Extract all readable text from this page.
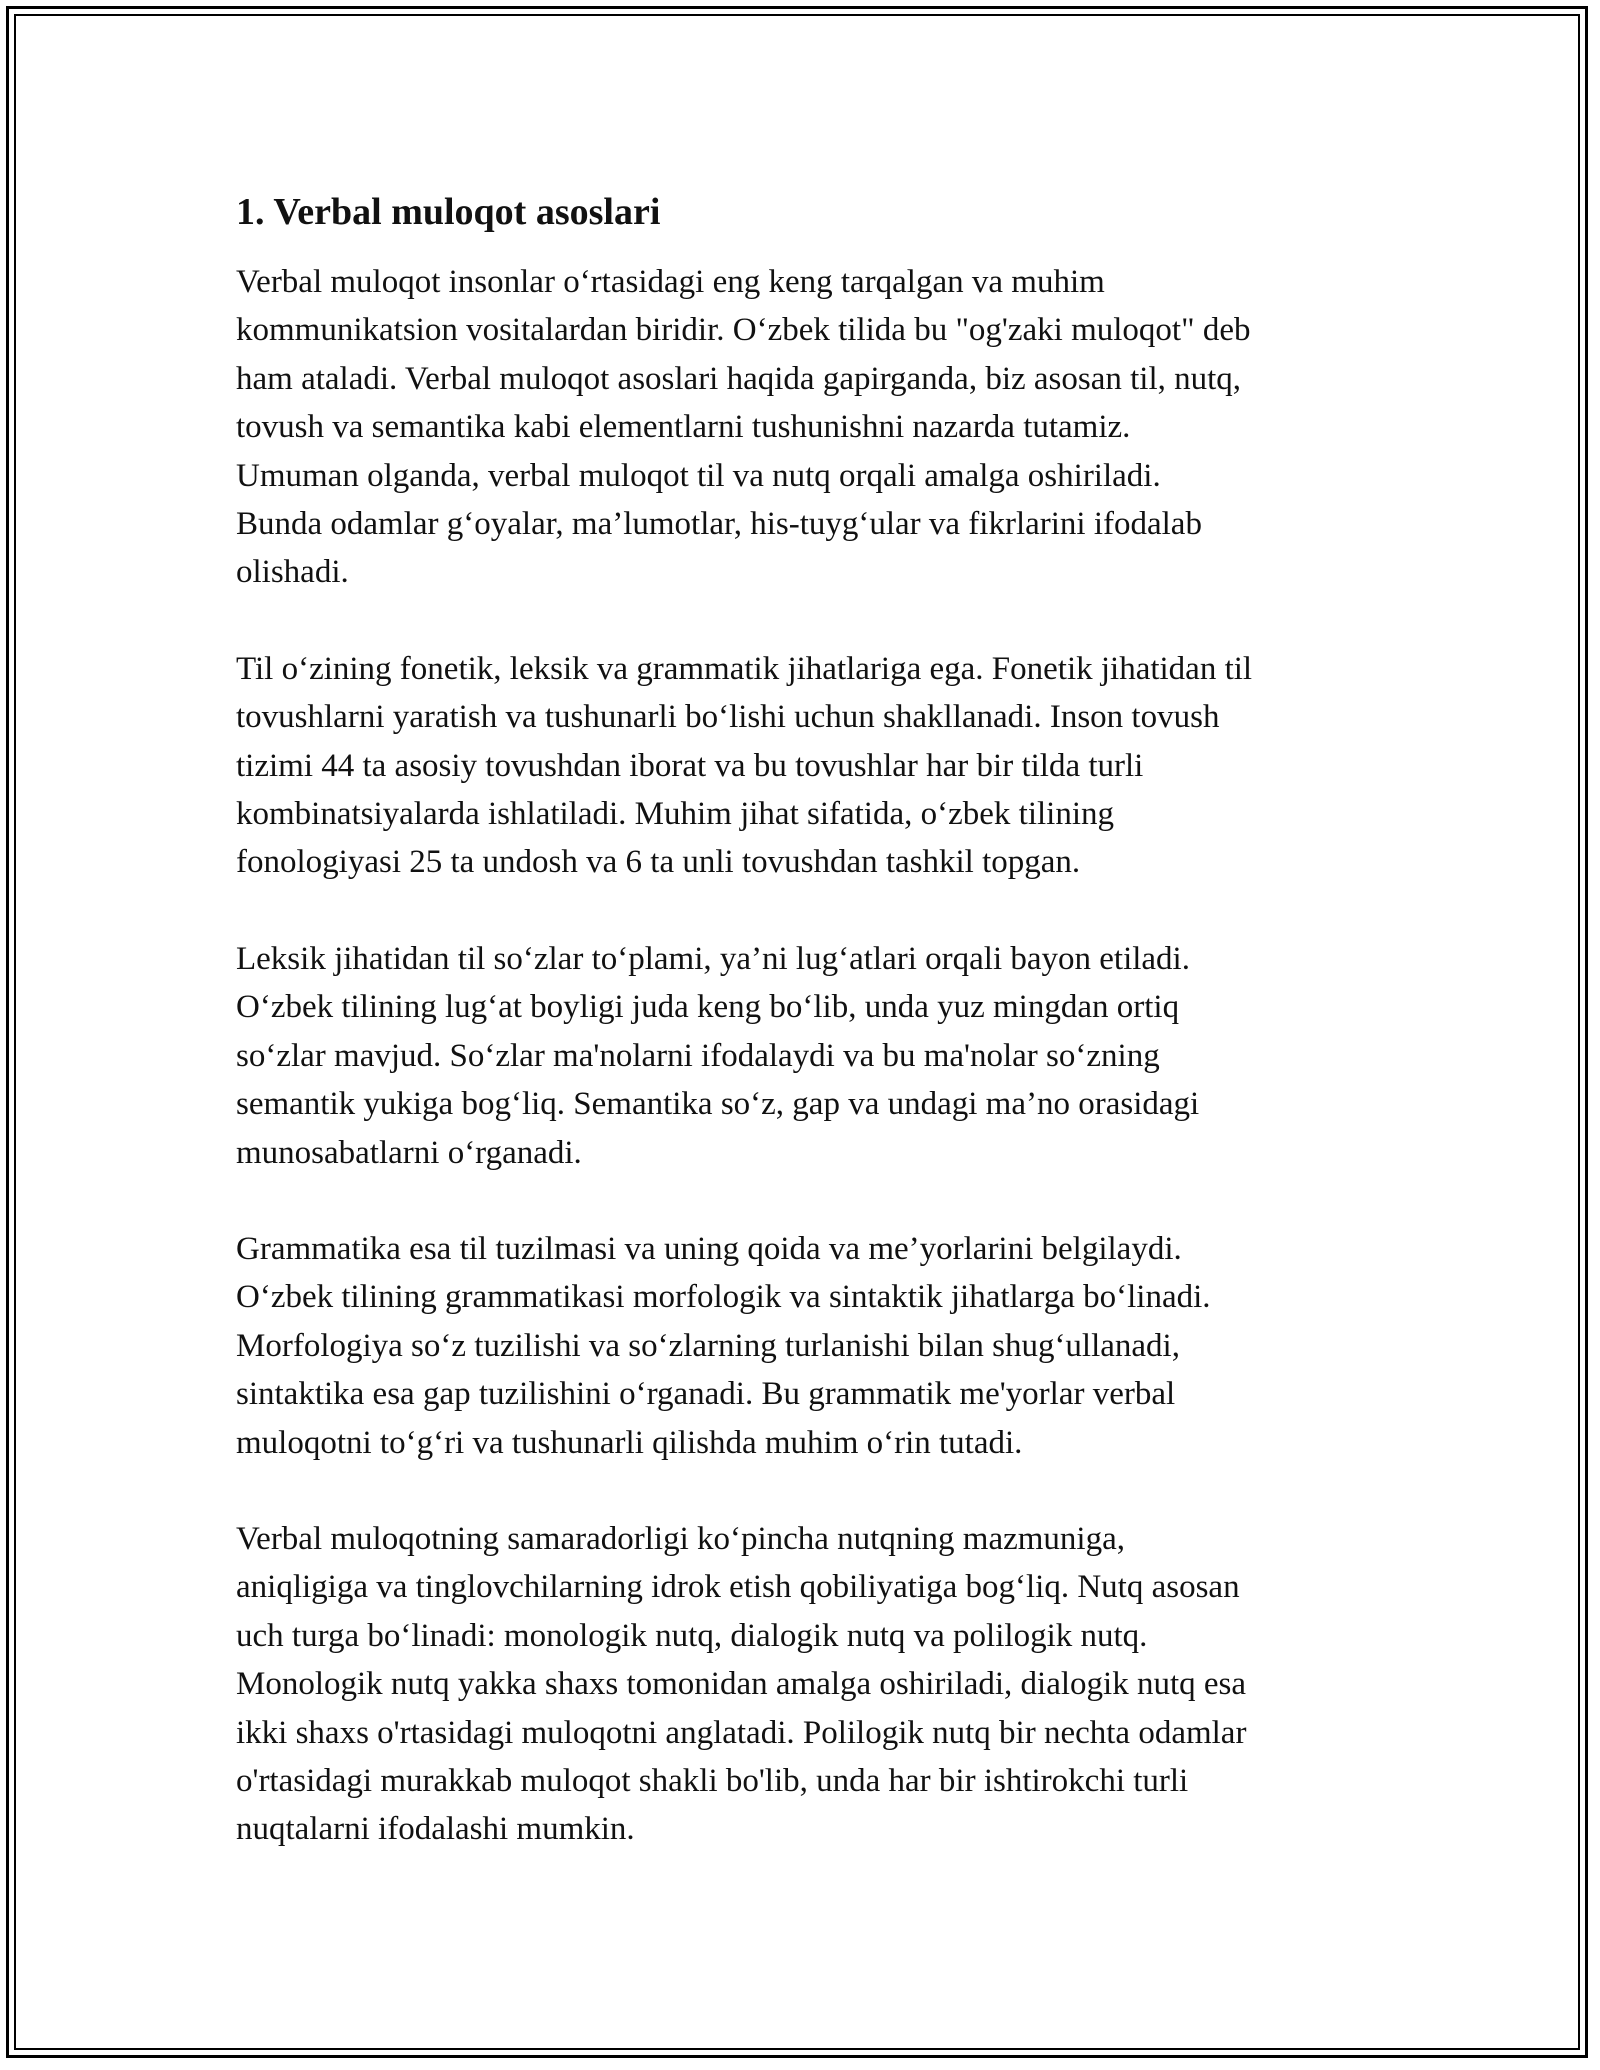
1. Verbal muloqot asoslari

Verbal muloqot insonlar o‘rtasidagi eng keng tarqalgan va muhim
kommunikatsion vositalardan biridir. O‘zbek tilida bu "og'zaki muloqot" deb
ham ataladi. Verbal muloqot asoslari haqida gapirganda, biz asosan til, nutq,
tovush va semantika kabi elementlarni tushunishni nazarda tutamiz.
Umuman olganda, verbal muloqot til va nutq orqali amalga oshiriladi.
Bunda odamlar g‘oyalar, ma’lumotlar, his-tuyg‘ular va fikrlarini ifodalab
olishadi.

Til o‘zining fonetik, leksik va grammatik jihatlariga ega. Fonetik jihatidan til
tovushlarni yaratish va tushunarli bo‘lishi uchun shakllanadi. Inson tovush
tizimi 44 ta asosiy tovushdan iborat va bu tovushlar har bir tilda turli
kombinatsiyalarda ishlatiladi. Muhim jihat sifatida, o‘zbek tilining
fonologiyasi 25 ta undosh va 6 ta unli tovushdan tashkil topgan.

Leksik jihatidan til so‘zlar to‘plami, ya’ni lug‘atlari orqali bayon etiladi.
O‘zbek tilining lug‘at boyligi juda keng bo‘lib, unda yuz mingdan ortiq
so‘zlar mavjud. So‘zlar ma'nolarni ifodalaydi va bu ma'nolar so‘zning
semantik yukiga bog‘liq. Semantika so‘z, gap va undagi ma’no orasidagi
munosabatlarni o‘rganadi.

Grammatika esa til tuzilmasi va uning qoida va me’yorlarini belgilaydi.
O‘zbek tilining grammatikasi morfologik va sintaktik jihatlarga bo‘linadi.
Morfologiya so‘z tuzilishi va so‘zlarning turlanishi bilan shug‘ullanadi,
sintaktika esa gap tuzilishini o‘rganadi. Bu grammatik me'yorlar verbal
muloqotni to‘g‘ri va tushunarli qilishda muhim o‘rin tutadi.

Verbal muloqotning samaradorligi ko‘pincha nutqning mazmuniga,
aniqligiga va tinglovchilarning idrok etish qobiliyatiga bog‘liq. Nutq asosan
uch turga bo‘linadi: monologik nutq, dialogik nutq va polilogik nutq.
Monologik nutq yakka shaxs tomonidan amalga oshiriladi, dialogik nutq esa
ikki shaxs o'rtasidagi muloqotni anglatadi. Polilogik nutq bir nechta odamlar
o'rtasidagi murakkab muloqot shakli bo'lib, unda har bir ishtirokchi turli
nuqtalarni ifodalashi mumkin.
